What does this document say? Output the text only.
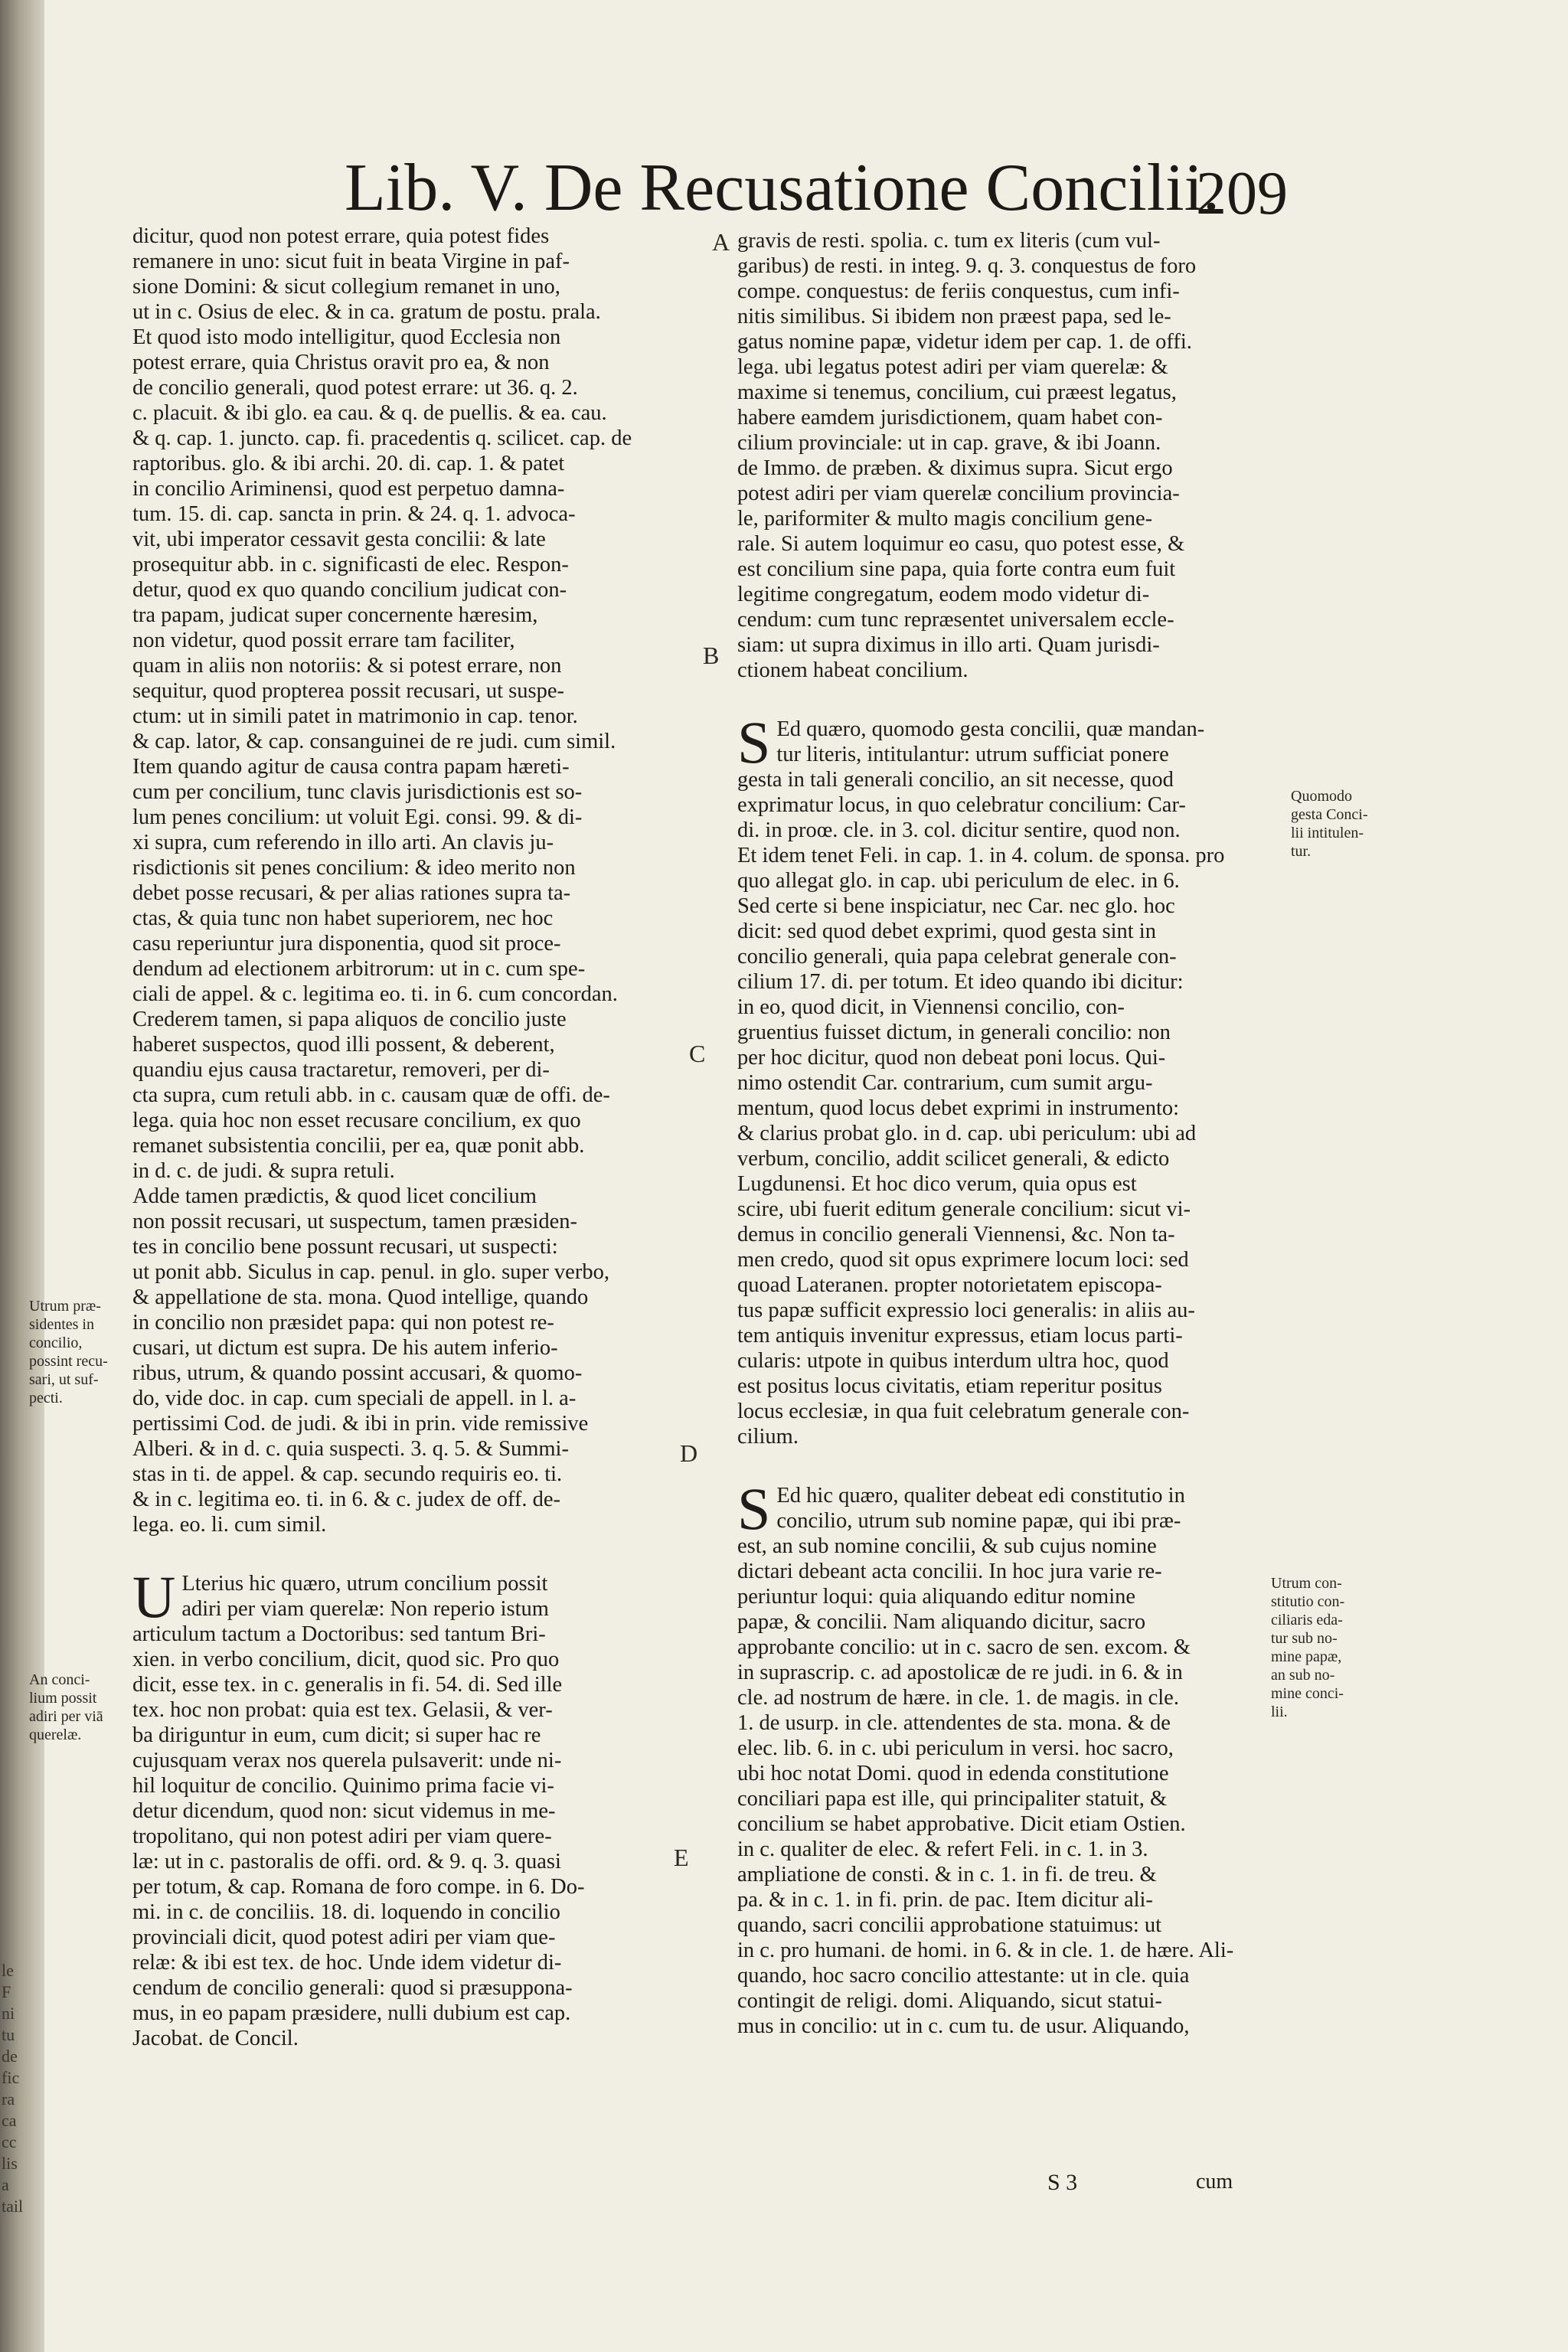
le
F
ni
tu
de
fic
ra
ca
cc
lis
a
tail
Lib. V. De Recusatione Concilii.
209

dicitur, quod non potest errare, quia potest fides

remanere in uno: sicut fuit in beata Virgine in paf-

sione Domini: & sicut collegium remanet in uno,

ut in c. Osius de elec. & in ca. gratum de postu. prala.

Et quod isto modo intelligitur, quod Ecclesia non

potest errare, quia Christus oravit pro ea, & non

de concilio generali, quod potest errare: ut 36. q. 2.

c. placuit. & ibi glo. ea cau. & q. de puellis. & ea. cau.

& q. cap. 1. juncto. cap. fi. pracedentis q. scilicet. cap. de

raptoribus. glo. & ibi archi. 20. di. cap. 1. & patet

in concilio Ariminensi, quod est perpetuo damna-

tum. 15. di. cap. sancta in prin. & 24. q. 1. advoca-

vit, ubi imperator cessavit gesta concilii: & late

prosequitur abb. in c. significasti de elec. Respon-

detur, quod ex quo quando concilium judicat con-

tra papam, judicat super concernente hæresim,

non videtur, quod possit errare tam faciliter,

quam in aliis non notoriis: & si potest errare, non

sequitur, quod propterea possit recusari, ut suspe-

ctum: ut in simili patet in matrimonio in cap. tenor.

& cap. lator, & cap. consanguinei de re judi. cum simil.

Item quando agitur de causa contra papam hæreti-

cum per concilium, tunc clavis jurisdictionis est so-

lum penes concilium: ut voluit Egi. consi. 99. & di-

xi supra, cum referendo in illo arti. An clavis ju-

risdictionis sit penes concilium: & ideo merito non

debet posse recusari, & per alias rationes supra ta-

ctas, & quia tunc non habet superiorem, nec hoc

casu reperiuntur jura disponentia, quod sit proce-

dendum ad electionem arbitrorum: ut in c. cum spe-

ciali de appel. & c. legitima eo. ti. in 6. cum concordan.

Crederem tamen, si papa aliquos de concilio juste

haberet suspectos, quod illi possent, & deberent,

quandiu ejus causa tractaretur, removeri, per di-

cta supra, cum retuli abb. in c. causam quæ de offi. de-

lega. quia hoc non esset recusare concilium, ex quo

remanet subsistentia concilii, per ea, quæ ponit abb.

in d. c. de judi. & supra retuli.

Adde tamen prædictis, & quod licet concilium

non possit recusari, ut suspectum, tamen præsiden-

tes in concilio bene possunt recusari, ut suspecti:

ut ponit abb. Siculus in cap. penul. in glo. super verbo,

& appellatione de sta. mona. Quod intellige, quando

in concilio non præsidet papa: qui non potest re-

cusari, ut dictum est supra. De his autem inferio-

ribus, utrum, & quando possint accusari, & quomo-

do, vide doc. in cap. cum speciali de appell. in l. a-

pertissimi Cod. de judi. & ibi in prin. vide remissive

Alberi. & in d. c. quia suspecti. 3. q. 5. & Summi-

stas in ti. de appel. & cap. secundo requiris eo. ti.

& in c. legitima eo. ti. in 6. & c. judex de off. de-

lega. eo. li. cum simil.

U Lterius hic quæro, utrum concilium possit

adiri per viam querelæ: Non reperio istum

articulum tactum a Doctoribus: sed tantum Bri-

xien. in verbo concilium, dicit, quod sic. Pro quo

dicit, esse tex. in c. generalis in fi. 54. di. Sed ille

tex. hoc non probat: quia est tex. Gelasii, & ver-

ba diriguntur in eum, cum dicit; si super hac re

cujusquam verax nos querela pulsaverit: unde ni-

hil loquitur de concilio. Quinimo prima facie vi-

detur dicendum, quod non: sicut videmus in me-

tropolitano, qui non potest adiri per viam querе-

læ: ut in c. pastoralis de offi. ord. & 9. q. 3. quasi

per totum, & cap. Romana de foro compe. in 6. Do-

mi. in c. de conciliis. 18. di. loquendo in concilio

provinciali dicit, quod potest adiri per viam que-

relæ: & ibi est tex. de hoc. Unde idem videtur di-

cendum de concilio generali: quod si præsuppona-

mus, in eo papam præsidere, nulli dubium est cap.

Jacobat. de Concil.

gravis de resti. spolia. c. tum ex literis (cum vul-

garibus) de resti. in integ. 9. q. 3. conquestus de foro

compe. conquestus: de feriis conquestus, cum infi-

nitis similibus. Si ibidem non præest papa, sed le-

gatus nomine papæ, videtur idem per cap. 1. de offi.

lega. ubi legatus potest adiri per viam querelæ: &

maxime si tenemus, concilium, cui præest legatus,

habere eamdem jurisdictionem, quam habet con-

cilium provinciale: ut in cap. grave, & ibi Joann.

de Immo. de præben. & diximus supra. Sicut ergo

potest adiri per viam querelæ concilium provincia-

le, pariformiter & multo magis concilium gene-

rale. Si autem loquimur eo casu, quo potest esse, &

est concilium sine papa, quia forte contra eum fuit

legitime congregatum, eodem modo videtur di-

cendum: cum tunc repræsentet universalem eccle-

siam: ut supra diximus in illo arti. Quam jurisdi-

ctionem habeat concilium.

S Ed quæro, quomodo gesta concilii, quæ mandan-

tur literis, intitulantur: utrum sufficiat ponere

gesta in tali generali concilio, an sit necesse, quod

exprimatur locus, in quo celebratur concilium: Car-

di. in proœ. cle. in 3. col. dicitur sentire, quod non.

Et idem tenet Feli. in cap. 1. in 4. colum. de sponsa. pro

quo allegat glo. in cap. ubi periculum de elec. in 6.

Sed certe si bene inspiciatur, nec Car. nec glo. hoc

dicit: sed quod debet exprimi, quod gesta sint in

concilio generali, quia papa celebrat generale con-

cilium 17. di. per totum. Et ideo quando ibi dicitur:

in eo, quod dicit, in Viennensi concilio, con-

gruentius fuisset dictum, in generali concilio: non

per hoc dicitur, quod non debeat poni locus. Qui-

nimo ostendit Car. contrarium, cum sumit argu-

mentum, quod locus debet exprimi in instrumento:

& clarius probat glo. in d. cap. ubi periculum: ubi ad

verbum, concilio, addit scilicet generali, & edicto

Lugdunensi. Et hoc dico verum, quia opus est

scire, ubi fuerit editum generale concilium: sicut vi-

demus in concilio generali Viennensi, &c. Non ta-

men credo, quod sit opus exprimere locum loci: sed

quoad Lateranen. propter notorietatem episcopa-

tus papæ sufficit expressio loci generalis: in aliis au-

tem antiquis invenitur expressus, etiam locus parti-

cularis: utpote in quibus interdum ultra hoc, quod

est positus locus civitatis, etiam reperitur positus

locus ecclesiæ, in qua fuit celebratum generale con-

cilium.

S Ed hic quæro, qualiter debeat edi constitutio in

concilio, utrum sub nomine papæ, qui ibi præ-

est, an sub nomine concilii, & sub cujus nomine

dictari debeant acta concilii. In hoc jura varie re-

periuntur loqui: quia aliquando editur nomine

papæ, & concilii. Nam aliquando dicitur, sacro

approbante concilio: ut in c. sacro de sen. excom. &

in suprascrip. c. ad apostolicæ de re judi. in 6. & in

cle. ad nostrum de hære. in cle. 1. de magis. in cle.

1. de usurp. in cle. attendentes de sta. mona. & de

elec. lib. 6. in c. ubi periculum in versi. hoc sacro,

ubi hoc notat Domi. quod in edenda constitutione

conciliari papa est ille, qui principaliter statuit, &

concilium se habet approbative. Dicit etiam Ostien.

in c. qualiter de elec. & refert Feli. in c. 1. in 3.

ampliatione de consti. & in c. 1. in fi. de treu. &

pa. & in c. 1. in fi. prin. de pac. Item dicitur ali-

quando, sacri concilii approbatione statuimus: ut

in c. pro humani. de homi. in 6. & in cle. 1. de hære. Ali-

quando, hoc sacro concilio attestante: ut in cle. quia

contingit de religi. domi. Aliquando, sicut statui-

mus in concilio: ut in c. cum tu. de usur. Aliquando,

A
B
C
D
E
Quomodo
gesta Conci-
lii intitulen-
tur.
Utrum præ-
sidentes in
concilio,
possint recu-
sari, ut suf-
pecti.
An conci-
lium possit
adiri per viā
querelæ.
Utrum con-
stitutio con-
ciliaris eda-
tur sub no-
mine papæ,
an sub no-
mine conci-
lii.
S 3	cum
